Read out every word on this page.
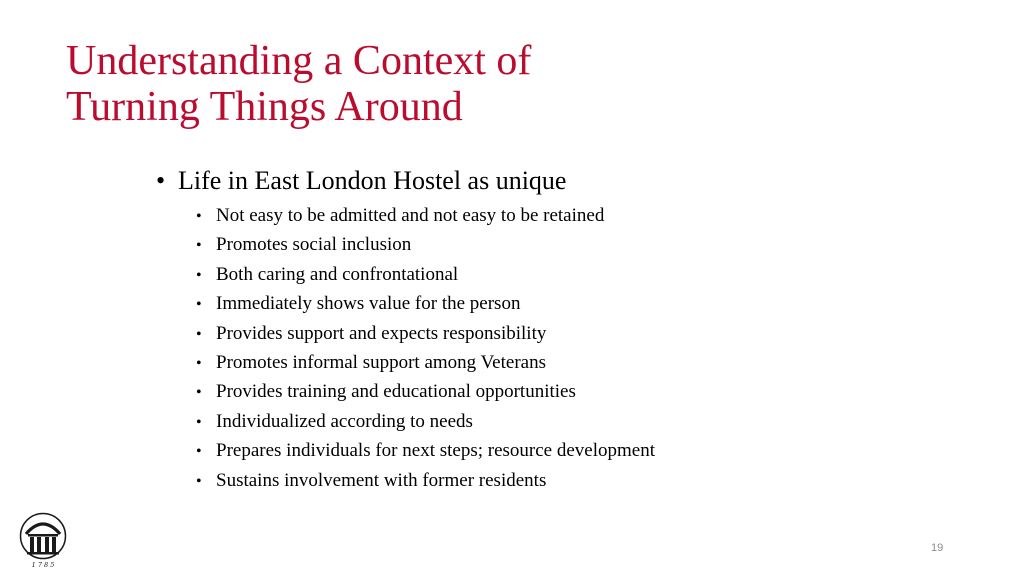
Understanding a Context of
Turning Things Around
• Life in East London Hostel as unique
• Not easy to be admitted and not easy to be retained
• Promotes social inclusion
• Both caring and confrontational
• Immediately shows value for the person
• Provides support and expects responsibility
• Promotes informal support among Veterans
• Provides training and educational opportunities
• Individualized according to needs
• Prepares individuals for next steps; resource development
• Sustains involvement with former residents
1 7 8 5
19
